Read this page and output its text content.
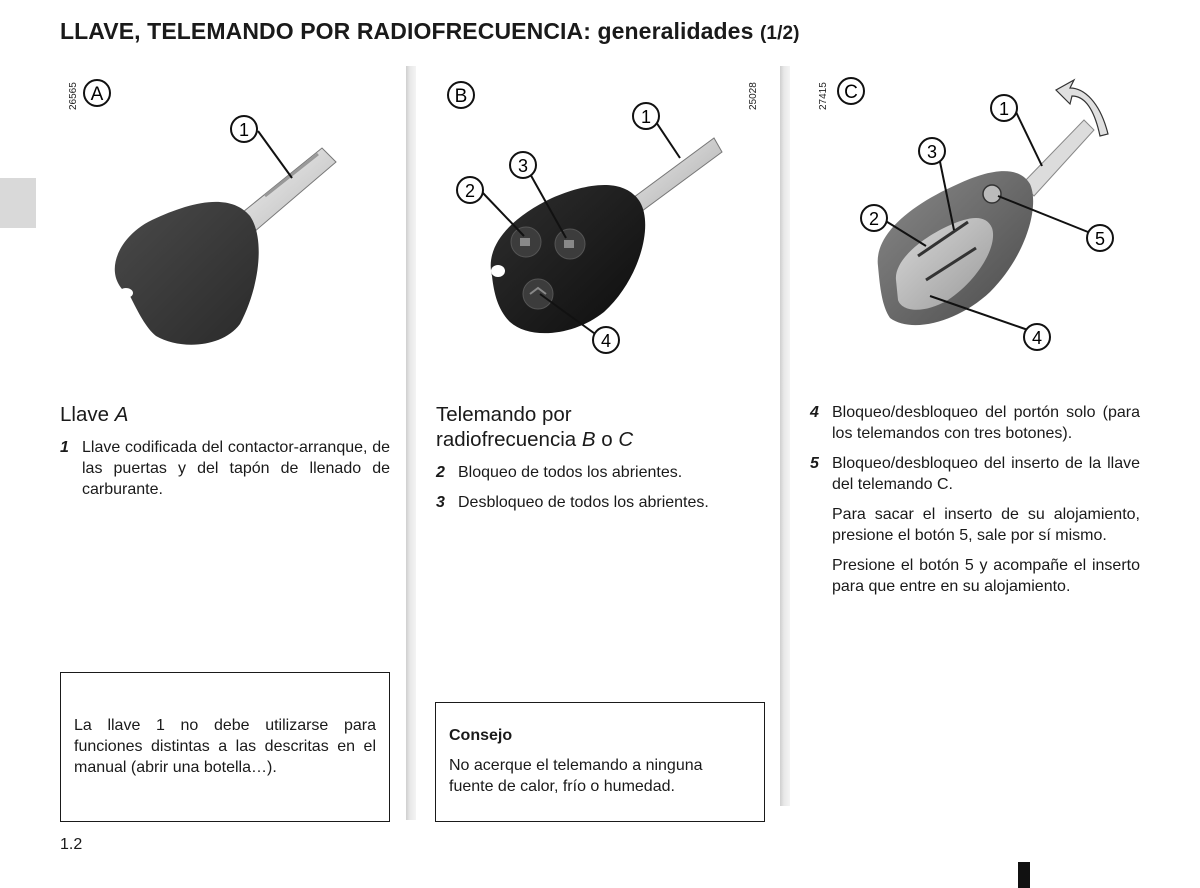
LLAVE, TELEMANDO POR RADIOFRECUENCIA: generalidades (1/2)
26565
1
A	25028
1
2
3
4
B	27415	1
2
3
4
5
C
Llave A
1 Llave codificada del contactor-arranque, de las puertas y del tapón de llenado de carburante.

La llave 1 no debe utilizarse para funciones distintas a las descritas en el manual (abrir una botella…).

Telemando por
radiofrecuencia B o C
2 Bloqueo de todos los abrientes.
3 Desbloqueo de todos los abrientes.
Consejo

No acerque el telemando a ninguna fuente de calor, frío o humedad.

4 Bloqueo/desbloqueo del portón solo (para los telemandos con tres botones).
5 Bloqueo/desbloqueo del inserto de la llave del telemando C.

Para sacar el inserto de su alojamiento, presione el botón 5, sale por sí mismo.

Presione el botón 5 y acompañe el inserto para que entre en su alojamiento.

1.2
